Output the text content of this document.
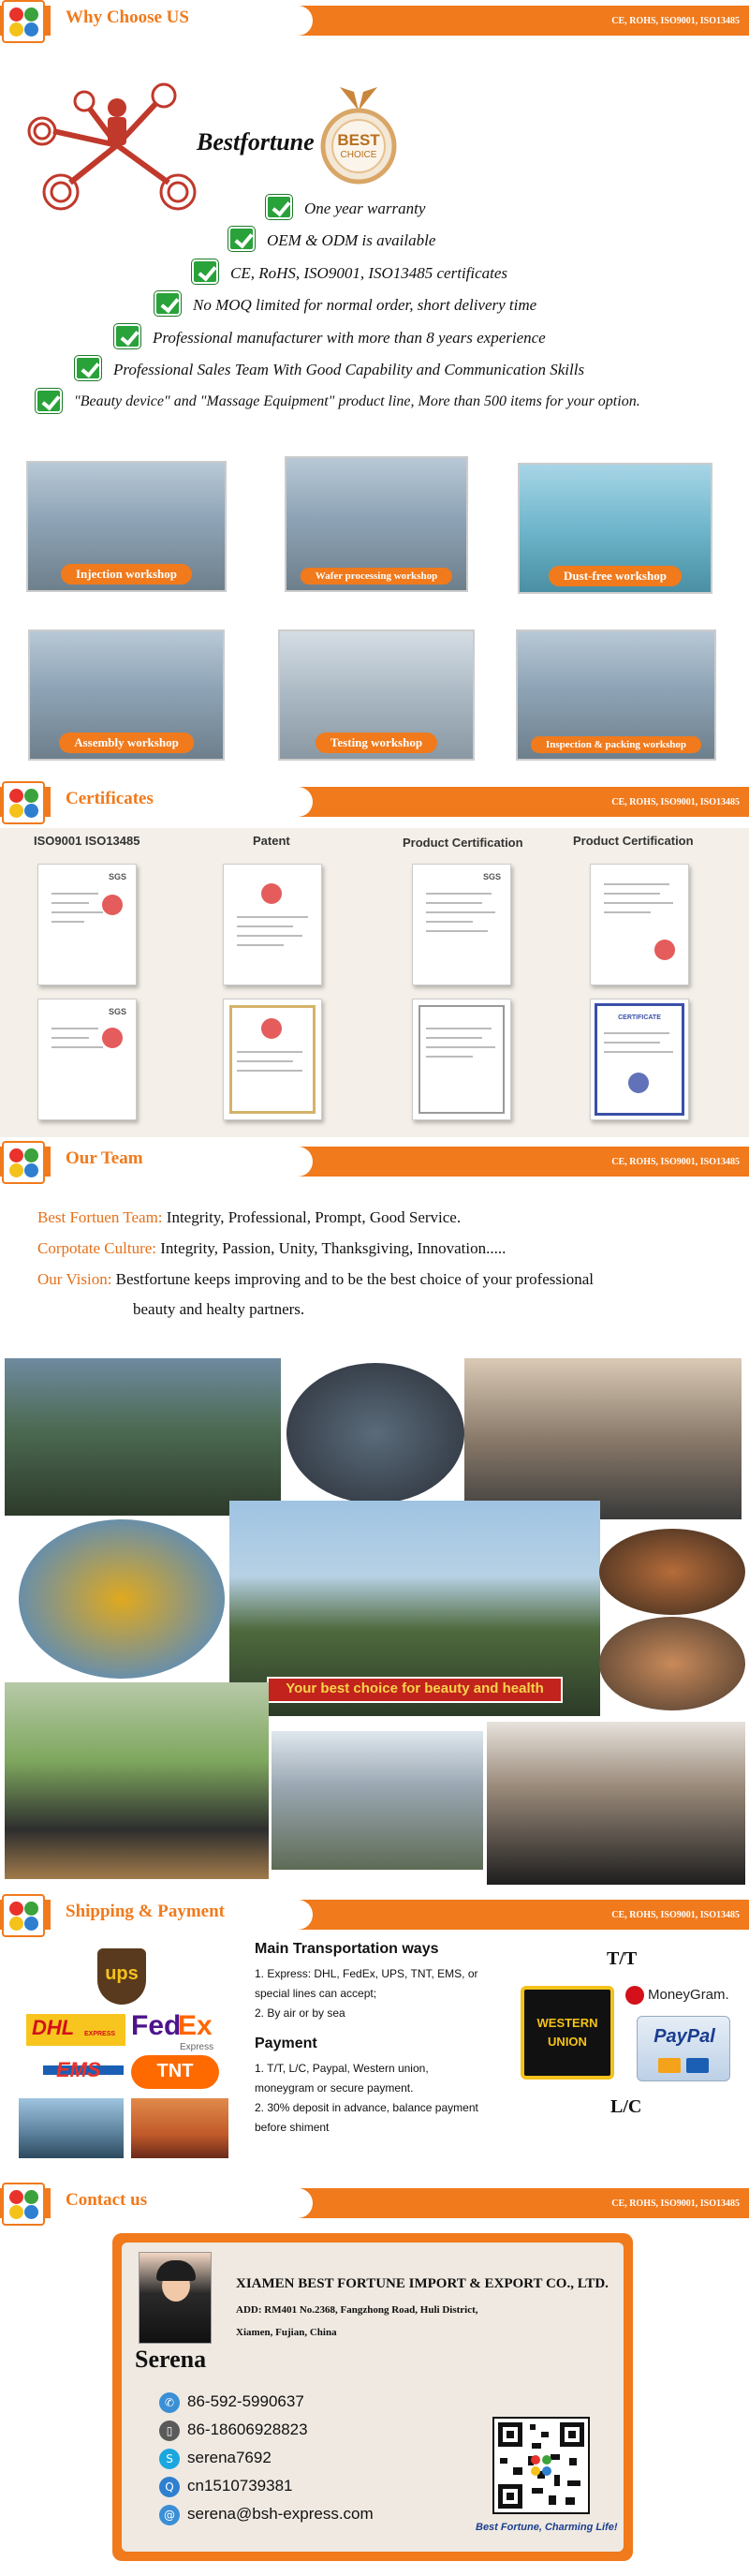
Why Choose US	CE, ROHS, ISO9001, ISO13485
Bestfortune	BEST
CHOICE
One year warranty
OEM & ODM is available
CE, RoHS, ISO9001, ISO13485 certificates
No MOQ limited for normal order, short delivery time
Professional manufacturer with more than 8 years experience
Professional Sales Team With Good Capability and Communication Skills
"Beauty device" and "Massage Equipment" product line, More than 500 items for your option.
Injection workshop	Wafer processing workshop	Dust-free workshop
Assembly workshop	Testing workshop	Inspection & packing workshop
Certificates	CE, ROHS, ISO9001, ISO13485
ISO9001 ISO13485	Patent	Product Certification	Product Certification
SGS	SGS
SGS
CERTIFICATE
Our Team	CE, ROHS, ISO9001, ISO13485
Best Fortuen Team: Integrity, Professional, Prompt, Good Service.
Corpotate Culture: Integrity, Passion, Unity, Thanksgiving, Innovation.....
Our Vision: Bestfortune keeps improving and to be the best choice of your professional
beauty and healty partners.
Your best choice for beauty and health
Shipping & Payment	CE, ROHS, ISO9001, ISO13485
ups
DHL EXPRESS Fed
Ex
Express
EMS	TNT
Main Transportation ways
1. Express: DHL, FedEx, UPS, TNT, EMS, or
special lines can accept;
2. By air or by sea
Payment
1. T/T, L/C, Paypal, Western union,
moneygram or secure payment.
2. 30% deposit in advance, balance payment
before shiment
T/T
WESTERN
UNION
MoneyGram.
PayPal
L/C
Contact us	CE, ROHS, ISO9001, ISO13485
XIAMEN BEST FORTUNE IMPORT & EXPORT CO., LTD.
ADD: RM401 No.2368, Fangzhong Road, Huli District,
Xiamen, Fujian, China
Serena
✆ 86-592-5990637
▯ 86-18606928823
S serena7692
Q cn1510739381
@ serena@bsh-express.com
Best Fortune, Charming Life!
